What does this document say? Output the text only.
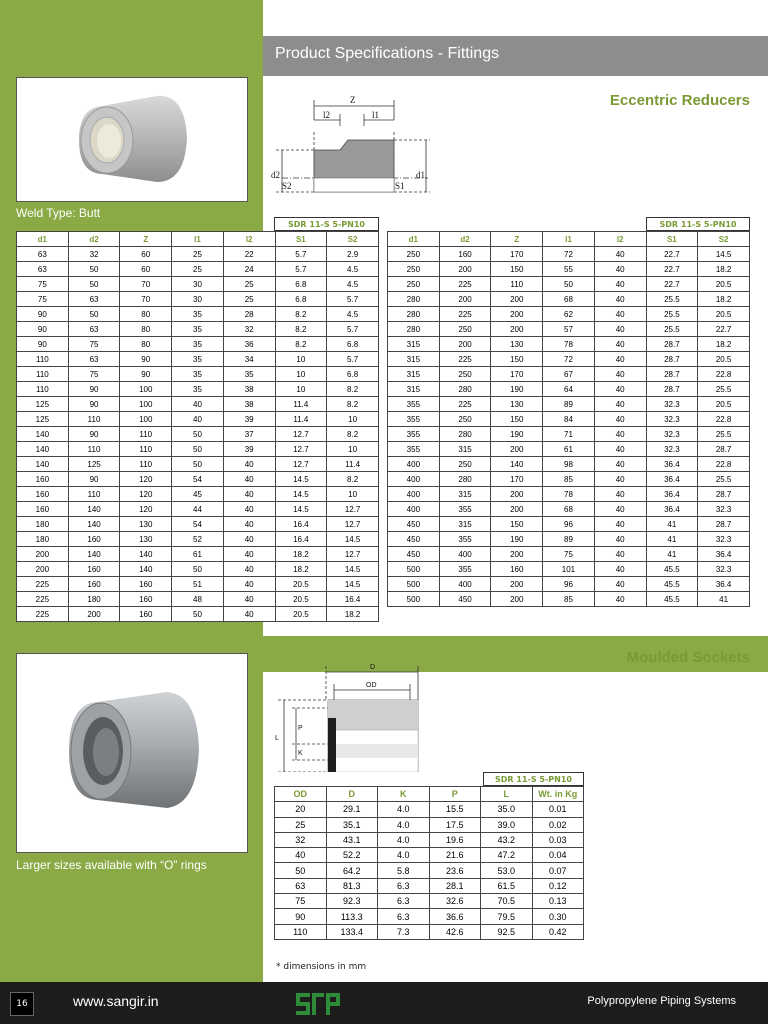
Product Specifications - Fittings
Eccentric Reducers
Weld Type: Butt
Z
l2	l1
d2	d1
S2	S1
SDR 11-S 5-PN10	SDR 11-S 5-PN10
d1	d2	Z	l1	l2	S1	S2
63	32	60	25	22	5.7	2.9
63	50	60	25	24	5.7	4.5
75	50	70	30	25	6.8	4.5
75	63	70	30	25	6.8	5.7
90	50	80	35	28	8.2	4.5
90	63	80	35	32	8.2	5.7
90	75	80	35	36	8.2	6.8
110	63	90	35	34	10	5.7
110	75	90	35	35	10	6.8
110	90	100	35	38	10	8.2
125	90	100	40	38	11.4	8.2
125	110	100	40	39	11.4	10
140	90	110	50	37	12.7	8.2
140	110	110	50	39	12.7	10
140	125	110	50	40	12.7	11.4
160	90	120	54	40	14.5	8.2
160	110	120	45	40	14.5	10
160	140	120	44	40	14.5	12.7
180	140	130	54	40	16.4	12.7
180	160	130	52	40	16.4	14.5
200	140	140	61	40	18.2	12.7
200	160	140	50	40	18.2	14.5
225	160	160	51	40	20.5	14.5
225	180	160	48	40	20.5	16.4
225	200	160	50	40	20.5	18.2
d1	d2	Z	l1	l2	S1	S2
250	160	170	72	40	22.7	14.5
250	200	150	55	40	22.7	18.2
250	225	110	50	40	22.7	20.5
280	200	200	68	40	25.5	18.2
280	225	200	62	40	25.5	20.5
280	250	200	57	40	25.5	22.7
315	200	130	78	40	28.7	18.2
315	225	150	72	40	28.7	20.5
315	250	170	67	40	28.7	22.8
315	280	190	64	40	28.7	25.5
355	225	130	89	40	32.3	20.5
355	250	150	84	40	32.3	22.8
355	280	190	71	40	32.3	25.5
355	315	200	61	40	32.3	28.7
400	250	140	98	40	36.4	22.8
400	280	170	85	40	36.4	25.5
400	315	200	78	40	36.4	28.7
400	355	200	68	40	36.4	32.3
450	315	150	96	40	41	28.7
450	355	190	89	40	41	32.3
450	400	200	75	40	41	36.4
500	355	160	101	40	45.5	32.3
500	400	200	96	40	45.5	36.4
500	450	200	85	40	45.5	41
Moulded Sockets
Larger sizes available with “O” rings
D
OD
L
P
K
SDR 11-S 5-PN10
OD	D	K	P	L	Wt. in Kg
20	29.1	4.0	15.5	35.0	0.01
25	35.1	4.0	17.5	39.0	0.02
32	43.1	4.0	19.6	43.2	0.03
40	52.2	4.0	21.6	47.2	0.04
50	64.2	5.8	23.6	53.0	0.07
63	81.3	6.3	28.1	61.5	0.12
75	92.3	6.3	32.6	70.5	0.13
90	113.3	6.3	36.6	79.5	0.30
110	133.4	7.3	42.6	92.5	0.42
* dimensions in mm
16	www.sangir.in	Polypropylene Piping Systems
